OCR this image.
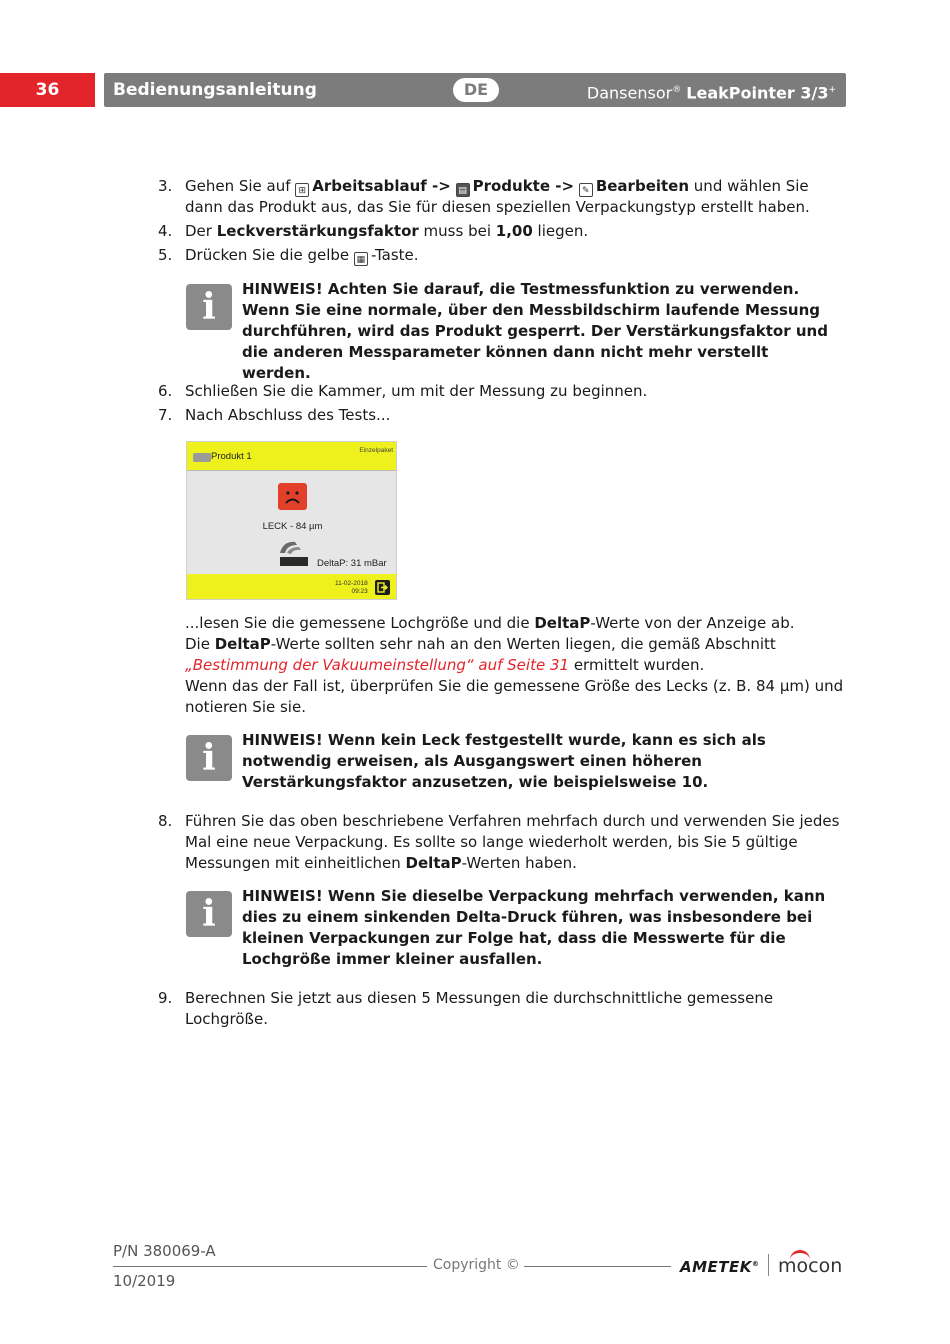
36	Bedienungsanleitung	DE	Dansensor® LeakPointer 3/3+
3. Gehen Sie auf ⊞ Arbeitsablauf -> ▤ Produkte -> ✎ Bearbeiten und wählen Sie dann das Produkt aus, das Sie für diesen speziellen Verpackungstyp erstellt haben.
4. Der Leckverstärkungsfaktor muss bei 1,00 liegen.
5. Drücken Sie die gelbe ▦ -Taste.
i	HINWEIS! Achten Sie darauf, die Testmessfunktion zu verwenden. Wenn Sie eine normale, über den Messbildschirm laufende Messung durchführen, wird das Produkt gesperrt. Der Verstärkungsfaktor und die anderen Messparameter können dann nicht mehr verstellt werden.
6. Schließen Sie die Kammer, um mit der Messung zu beginnen.
7. Nach Abschluss des Tests...
Produkt 1
Einzelpaket
LECK - 84 µm
DeltaP: 31 mBar
11-02-2018
09:23
...lesen Sie die gemessene Lochgröße und die DeltaP-Werte von der Anzeige ab.
Die DeltaP-Werte sollten sehr nah an den Werten liegen, die gemäß Abschnitt
„Bestimmung der Vakuumeinstellung“ auf Seite 31 ermittelt wurden.
Wenn das der Fall ist, überprüfen Sie die gemessene Größe des Lecks (z. B. 84 µm) und notieren Sie sie.
i	HINWEIS! Wenn kein Leck festgestellt wurde, kann es sich als notwendig erweisen, als Ausgangswert einen höheren Verstärkungsfaktor anzusetzen, wie beispielsweise 10.
8. Führen Sie das oben beschriebene Verfahren mehrfach durch und verwenden Sie jedes Mal eine neue Verpackung. Es sollte so lange wiederholt werden, bis Sie 5 gültige Messungen mit einheitlichen DeltaP-Werten haben.
i	HINWEIS! Wenn Sie dieselbe Verpackung mehrfach verwenden, kann dies zu einem sinkenden Delta-Druck führen, was insbesondere bei kleinen Verpackungen zur Folge hat, dass die Messwerte für die Lochgröße immer kleiner ausfallen.
9. Berechnen Sie jetzt aus diesen 5 Messungen die durchschnittliche gemessene Lochgröße.
P/N 380069-A
10/2019
Copyright ©	AMETEK® mocon
